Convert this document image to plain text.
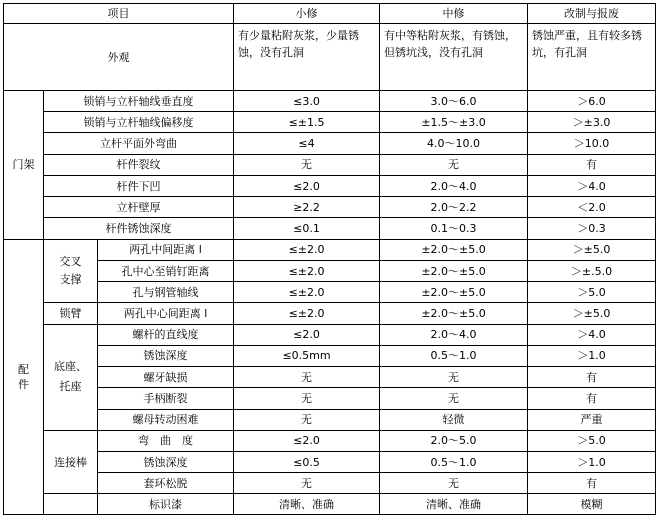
项目			小修	中修	改制与报废
外观			有少量粘附灰浆，少量锈蚀，没有孔洞	有中等粘附灰浆，有锈蚀，但锈坑浅，没有孔洞	锈蚀严重，且有较多锈坑，有孔洞
门架	锁销与立杆轴线垂直度		≤3.0	3.0～6.0	＞6.0
	锁销与立杆轴线偏移度		≤±1.5	±1.5～±3.0	＞±3.0
	立杆平面外弯曲		≤4	4.0～10.0	＞10.0
	杆件裂纹		无	无	有
	杆件下凹		≤2.0	2.0～4.0	＞4.0
	立杆壁厚		≥2.2	2.0～2.2	＜2.0
	杆件锈蚀深度		≤0.1	0.1～0.3	＞0.3
配件	交叉支撑	两孔中间距离 l	≤±2.0	±2.0～±5.0	＞±5.0
		孔中心至销钉距离	≤±2.0	±2.0～±5.0	＞±.5.0
		孔与钢管轴线	≤±2.0	±2.0～±5.0	＞5.0
	锁臂	两孔中心间距离 l	≤±2.0	±2.0～±5.0	＞±5.0
	底座、托座	螺杆的直线度	≤2.0	2.0～4.0	＞4.0
		锈蚀深度	≤0.5mm	0.5～1.0	＞1.0
		螺牙缺损	无	无	有
		手柄断裂	无	无	有
		螺母转动困难	无	轻微	严重
	连接棒	弯　曲　度	≤2.0	2.0～5.0	＞5.0
		锈蚀深度	≤0.5	0.5～1.0	＞1.0
		套环松脱	无	无	有
		标识漆	清晰、准确	清晰、准确	模糊
